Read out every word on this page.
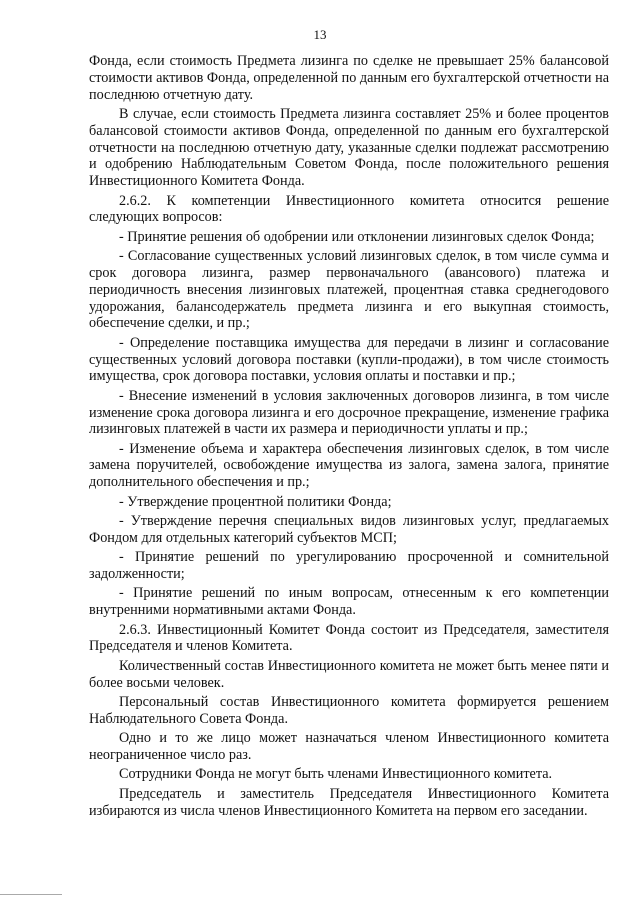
13

Фонда, если стоимость Предмета лизинга по сделке не превышает 25% балансовой стоимости активов Фонда, определенной по данным его бухгалтерской отчетности на последнюю отчетную дату.

В случае, если стоимость Предмета лизинга составляет 25% и более процентов балансовой стоимости активов Фонда, определенной по данным его бухгалтерской отчетности на последнюю отчетную дату, указанные сделки подлежат рассмотрению и одобрению Наблюдательным Советом Фонда, после положительного решения Инвестиционного Комитета Фонда.

2.6.2. К компетенции Инвестиционного комитета относится решение следующих вопросов:

- Принятие решения об одобрении или отклонении лизинговых сделок Фонда;

- Согласование существенных условий лизинговых сделок, в том числе сумма и срок договора лизинга, размер первоначального (авансового) платежа и периодичность внесения лизинговых платежей, процентная ставка среднегодового удорожания, балансодержатель предмета лизинга и его выкупная стоимость, обеспечение сделки, и пр.;

- Определение поставщика имущества для передачи в лизинг и согласование существенных условий договора поставки (купли-продажи), в том числе стоимость имущества, срок договора поставки, условия оплаты и поставки и пр.;

- Внесение изменений в условия заключенных договоров лизинга, в том числе изменение срока договора лизинга и его досрочное прекращение, изменение графика лизинговых платежей в части их размера и периодичности уплаты и пр.;

- Изменение объема и характера обеспечения лизинговых сделок, в том числе замена поручителей, освобождение имущества из залога, замена залога, принятие дополнительного обеспечения и пр.;

- Утверждение процентной политики Фонда;

- Утверждение перечня специальных видов лизинговых услуг, предлагаемых Фондом для отдельных категорий субъектов МСП;

- Принятие решений по урегулированию просроченной и сомнительной задолженности;

- Принятие решений по иным вопросам, отнесенным к его компетенции внутренними нормативными актами Фонда.

2.6.3. Инвестиционный Комитет Фонда состоит из Председателя, заместителя Председателя и членов Комитета.

Количественный состав Инвестиционного комитета не может быть менее пяти и более восьми человек.

Персональный состав Инвестиционного комитета формируется решением Наблюдательного Совета Фонда.

Одно и то же лицо может назначаться членом Инвестиционного комитета неограниченное число раз.

Сотрудники Фонда не могут быть членами Инвестиционного комитета.

Председатель и заместитель Председателя Инвестиционного Комитета избираются из числа членов Инвестиционного Комитета на первом его заседании.
